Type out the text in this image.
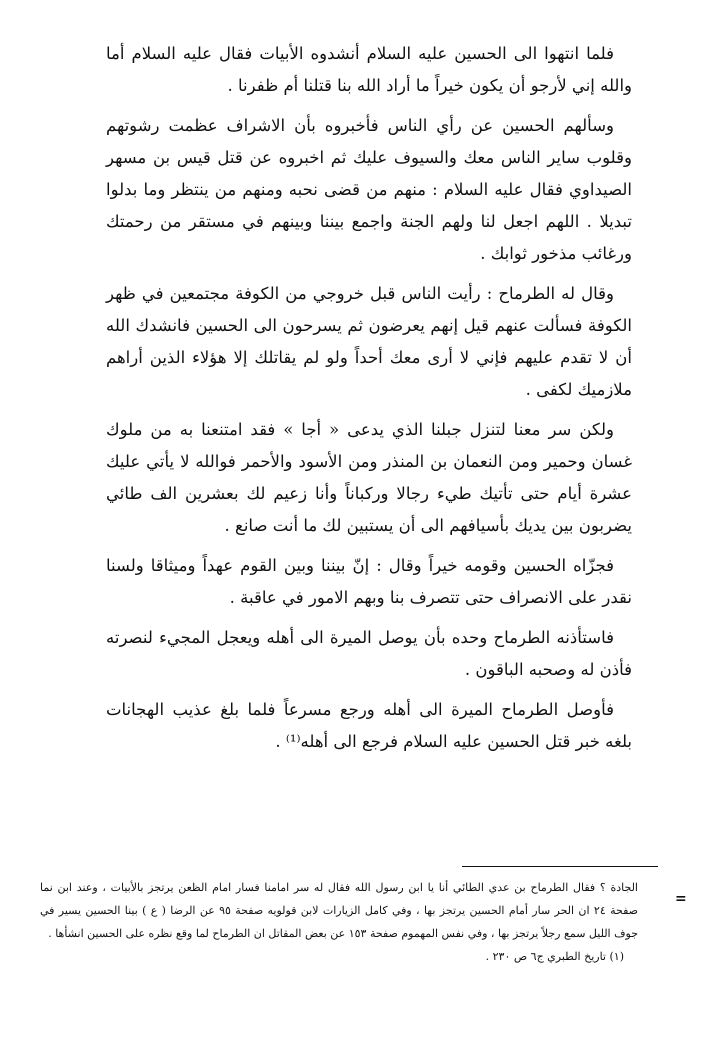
فلما انتهوا الى الحسين عليه السلام أنشدوه الأبيات فقال عليه السلام أما والله إني لأرجو أن يكون خيراً ما أراد الله بنا قتلنا أم ظفرنا .

وسألهم الحسين عن رأي الناس فأخبروه بأن الاشراف عظمت رشوتهم وقلوب ساير الناس معك والسيوف عليك ثم اخبروه عن قتل قيس بن مسهر الصيداوي فقال عليه السلام : منهم من قضى نحبه ومنهم من ينتظر وما بدلوا تبديلا . اللهم اجعل لنا ولهم الجنة واجمع بيننا وبينهم في مستقر من رحمتك ورغائب مذخور ثوابك .

وقال له الطرماح : رأيت الناس قبل خروجي من الكوفة مجتمعين في ظهر الكوفة فسألت عنهم قيل إنهم يعرضون ثم يسرحون الى الحسين فانشدك الله أن لا تقدم عليهم فإني لا أرى معك أحداً ولو لم يقاتلك إلا هؤلاء الذين أراهم ملازميك لكفى .

ولكن سر معنا لتنزل جبلنا الذي يدعى « أجا » فقد امتنعنا به من ملوك غسان وحمير ومن النعمان بن المنذر ومن الأسود والأحمر فوالله لا يأتي عليك عشرة أيام حتى تأتيك طيء رجالا وركباناً وأنا زعيم لك بعشرين الف طائي يضربون بين يديك بأسيافهم الى أن يستبين لك ما أنت صانع .

فجزّاه الحسين وقومه خيراً وقال : إنّ بيننا وبين القوم عهداً وميثاقا ولسنا نقدر على الانصراف حتى تتصرف بنا وبهم الامور في عاقبة .

فاستأذنه الطرماح وحده بأن يوصل الميرة الى أهله ويعجل المجيء لنصرته فأذن له وصحبه الباقون .

فأوصل الطرماح الميرة الى أهله ورجع مسرعاً فلما بلغ عذيب الهجانات بلغه خبر قتل الحسين عليه السلام فرجع الى أهله⁽¹⁾ .

=

الجادة ؟ فقال الطرماح بن عدي الطائي أنا يا ابن رسول الله فقال له سر امامنا فسار امام الظعن يرتجز بالأبيات ، وعند ابن نما صفحة ٢٤ ان الحر سار أمام الحسين يرتجز بها ، وفي كامل الزيارات لابن قولويه صفحة ٩٥ عن الرضا ( ع ) بينا الحسين يسير في جوف الليل سمع رجلاً يرتجز بها ، وفي نفس المهموم صفحة ١٥٣ عن بعض المقاتل ان الطرماح لما وقع نظره على الحسين انشأها .

(١) تاريخ الطبري ج٦ ص ٢٣٠ .
